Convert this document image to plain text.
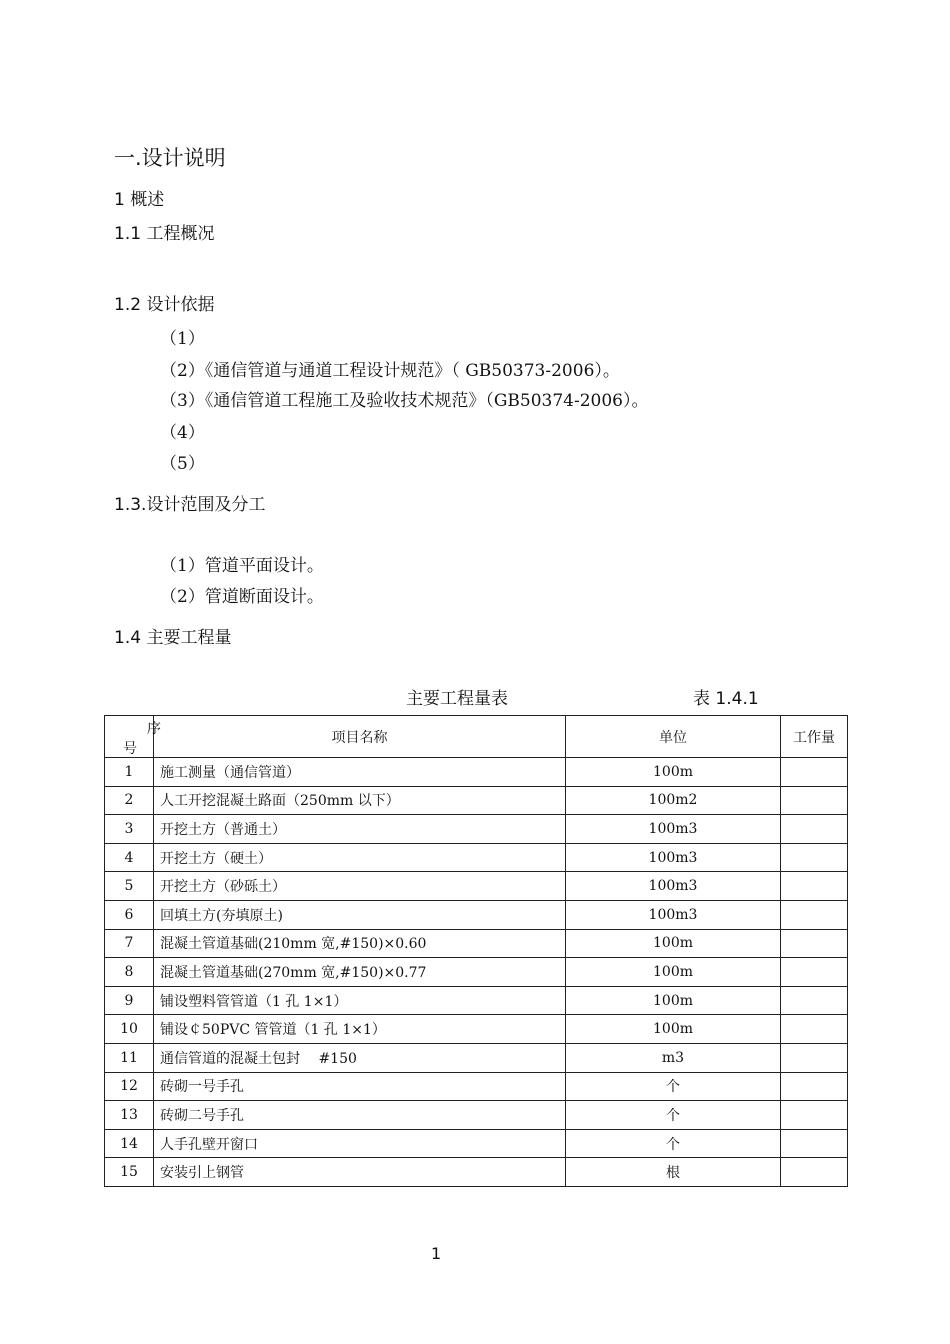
一.设计说明
1 概述
1.1 工程概况
1.2 设计依据
（1）
（2）《通信管道与通道工程设计规范》（ GB50373-2006）。
（3）《通信管道工程施工及验收技术规范》（GB50374-2006）。
（4）
（5）
1.3.设计范围及分工
（1）管道平面设计。
（2）管道断面设计。
1.4 主要工程量
主要工程量表	表 1.4.1
序
号	项目名称	单位	工作量
1	施工测量（通信管道）	100m	
2	人工开挖混凝土路面（250mm 以下）	100m2	
3	开挖土方（普通土）	100m3	
4	开挖土方（硬土）	100m3	
5	开挖土方（砂砾土）	100m3	
6	回填土方(夯填原土)	100m3	
7	混凝土管道基础(210mm 宽,#150)×0.60	100m	
8	混凝土管道基础(270mm 宽,#150)×0.77	100m	
9	铺设塑料管管道（1 孔 1×1）	100m	
10	铺设￠50PVC 管管道（1 孔 1×1）	100m	
11	通信管道的混凝土包封　 #150	m3	
12	砖砌一号手孔	个	
13	砖砌二号手孔	个	
14	人手孔壁开窗口	个	
15	安装引上钢管	根	
1
